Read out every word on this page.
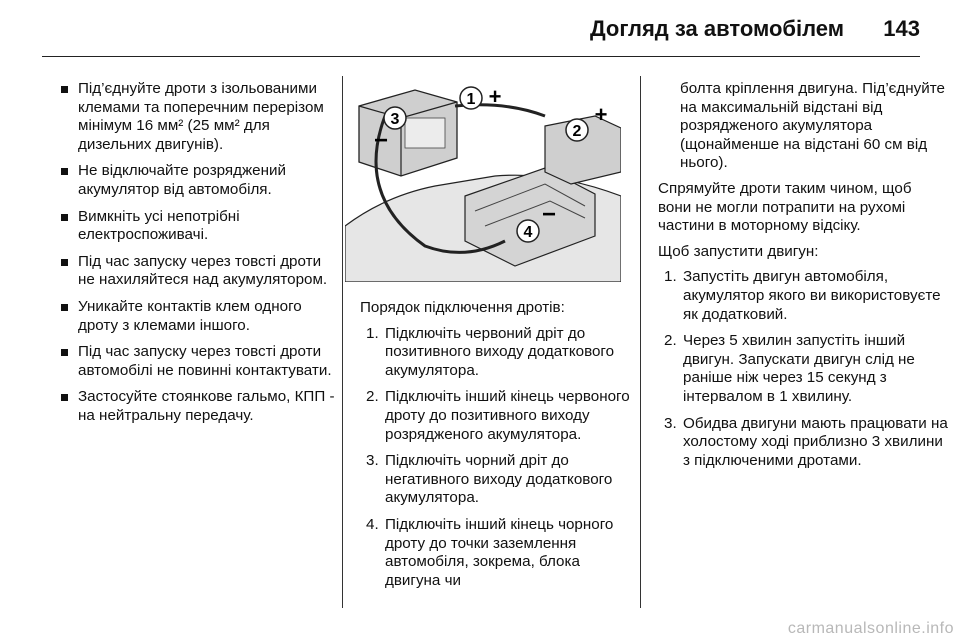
Догляд за автомобілем 143
Під’єднуйте дроти з ізольованими клемами та поперечним перерізом мінімум 16 мм² (25 мм² для дизельних двигунів).
Не відключайте розряджений акумулятор від автомобіля.
Вимкніть усі непотрібні електроспоживачі.
Під час запуску через товсті дроти не нахиляйтеся над акумулятором.
Уникайте контактів клем одного дроту з клемами іншого.
Під час запуску через товсті дроти автомобілі не повинні контактувати.
Застосуйте стоянкове гальмо, КПП - на нейтральну передачу.
1 +
2
+
3
−
4
−

Порядок підключення дротів:

1. Підключіть червоний дріт до позитивного виходу додаткового акумулятора.
2. Підключіть інший кінець червоного дроту до позитивного виходу розрядженого акумулятора.
3. Підключіть чорний дріт до негативного виходу додаткового акумулятора.
4. Підключіть інший кінець чорного дроту до точки заземлення автомобіля, зокрема, блока двигуна чи
болта кріплення двигуна. Під’єднуйте на максимальній відстані від розрядженого акумулятора (щонайменше на відстані 60 см від нього).

Спрямуйте дроти таким чином, щоб вони не могли потрапити на рухомі частини в моторному відсіку.

Щоб запустити двигун:

1. Запустіть двигун автомобіля, акумулятор якого ви використовуєте як додатковий.
2. Через 5 хвилин запустіть інший двигун. Запускати двигун слід не раніше ніж через 15 секунд з інтервалом в 1 хвилину.
3. Обидва двигуни мають працювати на холостому ході приблизно 3 хвилини з підключеними дротами.
carmanualsonline.info
